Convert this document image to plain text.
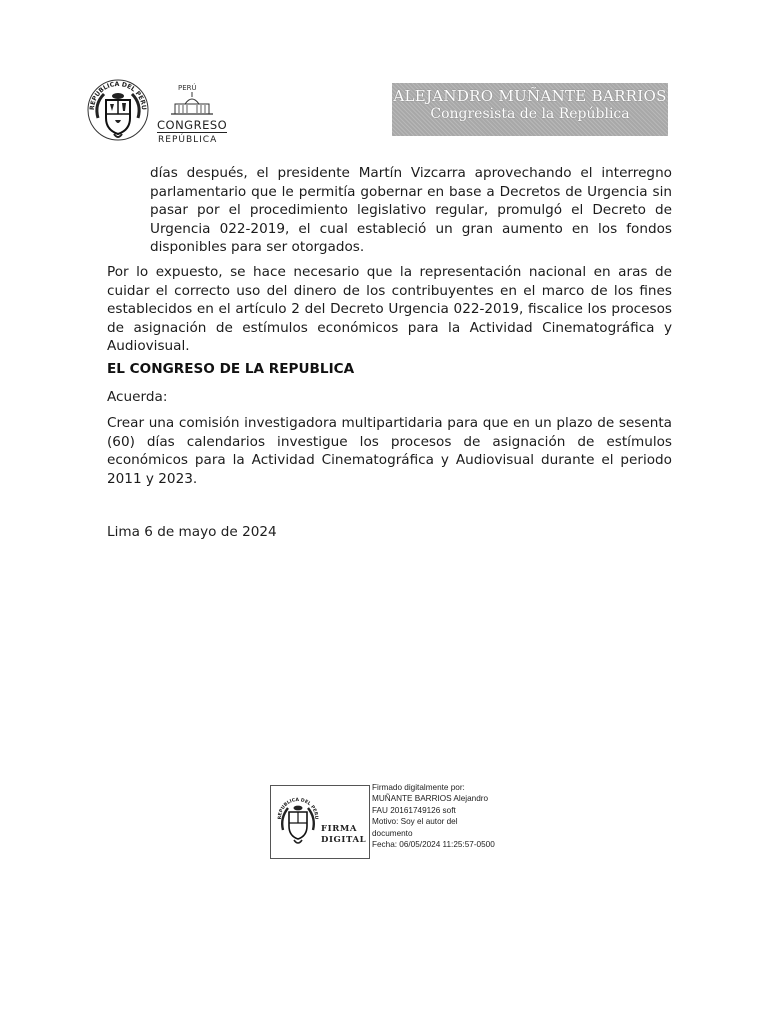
REPUBLICA DEL PERU
PERÚ
CONGRESO
REPÚBLICA
ALEJANDRO MUÑANTE BARRIOS
Congresista de la República
días después, el presidente Martín Vizcarra aprovechando el interregno parlamentario que le permitía gobernar en base a Decretos de Urgencia sin pasar por el procedimiento legislativo regular, promulgó el Decreto de Urgencia 022-2019, el cual estableció un gran aumento en los fondos disponibles para ser otorgados.
Por lo expuesto, se hace necesario que la representación nacional en aras de cuidar el correcto uso del dinero de los contribuyentes en el marco de los fines establecidos en el artículo 2 del Decreto Urgencia 022-2019, fiscalice los procesos de asignación de estímulos económicos para la Actividad Cinematográfica y Audiovisual.
EL CONGRESO DE LA REPUBLICA
Acuerda:
Crear una comisión investigadora multipartidaria para que en un plazo de sesenta (60) días calendarios investigue los procesos de asignación de estímulos económicos para la Actividad Cinematográfica y Audiovisual durante el periodo 2011 y 2023.
Lima 6 de mayo de 2024
REPUBLICA DEL PERU
FIRMA
DIGITAL
Firmado digitalmente por:
MUÑANTE BARRIOS Alejandro
FAU 20161749126 soft
Motivo: Soy el autor del
documento
Fecha: 06/05/2024 11:25:57-0500
